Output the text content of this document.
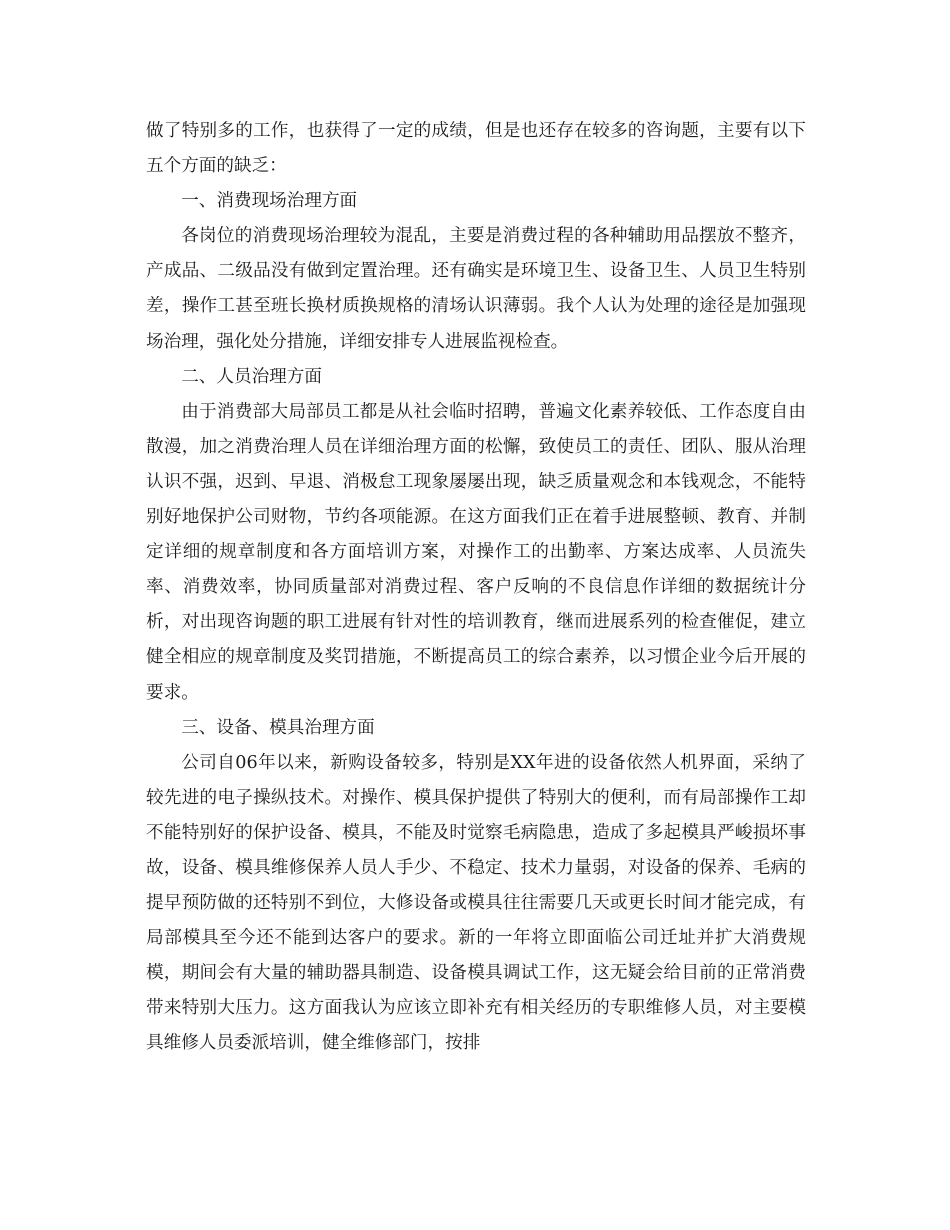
做了特别多的工作，也获得了一定的成绩，但是也还存在较多的咨询题，主要有以下五个方面的缺乏：

一、消费现场治理方面

各岗位的消费现场治理较为混乱，主要是消费过程的各种辅助用品摆放不整齐，产成品、二级品没有做到定置治理。还有确实是环境卫生、设备卫生、人员卫生特别差，操作工甚至班长换材质换规格的清场认识薄弱。我个人认为处理的途径是加强现场治理，强化处分措施，详细安排专人进展监视检查。

二、人员治理方面

由于消费部大局部员工都是从社会临时招聘，普遍文化素养较低、工作态度自由散漫，加之消费治理人员在详细治理方面的松懈，致使员工的责任、团队、服从治理认识不强，迟到、早退、消极怠工现象屡屡出现，缺乏质量观念和本钱观念，不能特别好地保护公司财物，节约各项能源。在这方面我们正在着手进展整顿、教育、并制定详细的规章制度和各方面培训方案，对操作工的出勤率、方案达成率、人员流失率、消费效率，协同质量部对消费过程、客户反响的不良信息作详细的数据统计分析，对出现咨询题的职工进展有针对性的培训教育，继而进展系列的检查催促，建立健全相应的规章制度及奖罚措施，不断提高员工的综合素养，以习惯企业今后开展的要求。

三、设备、模具治理方面

公司自06年以来，新购设备较多，特别是XX年进的设备依然人机界面，采纳了较先进的电子操纵技术。对操作、模具保护提供了特别大的便利，而有局部操作工却不能特别好的保护设备、模具，不能及时觉察毛病隐患，造成了多起模具严峻损坏事故，设备、模具维修保养人员人手少、不稳定、技术力量弱，对设备的保养、毛病的提早预防做的还特别不到位，大修设备或模具往往需要几天或更长时间才能完成，有局部模具至今还不能到达客户的要求。新的一年将立即面临公司迁址并扩大消费规模，期间会有大量的辅助器具制造、设备模具调试工作，这无疑会给目前的正常消费带来特别大压力。这方面我认为应该立即补充有相关经历的专职维修人员，对主要模具维修人员委派培训，健全维修部门，按排
